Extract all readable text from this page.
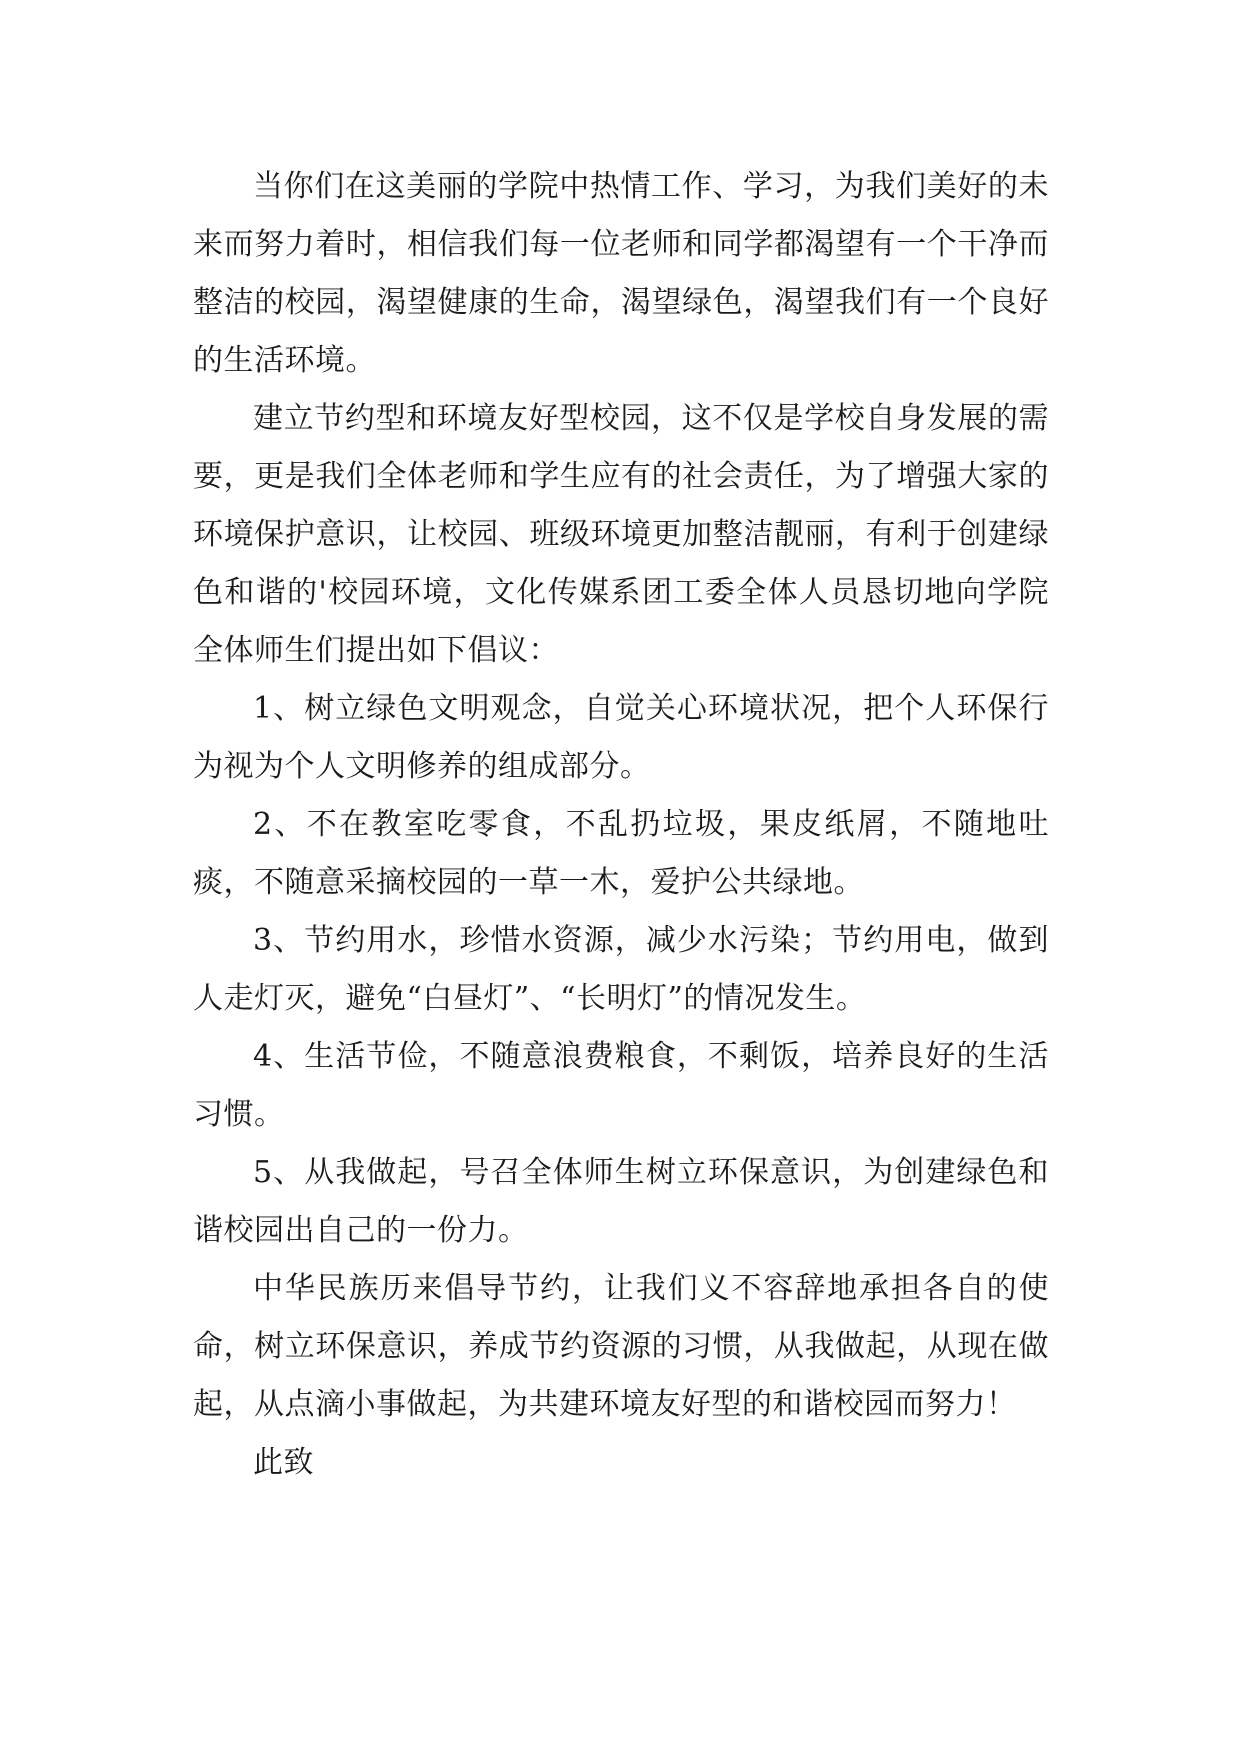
当你们在这美丽的学院中热情工作、学习，为我们美好的未来而努力着时，相信我们每一位老师和同学都渴望有一个干净而整洁的校园，渴望健康的生命，渴望绿色，渴望我们有一个良好的生活环境。

建立节约型和环境友好型校园，这不仅是学校自身发展的需要，更是我们全体老师和学生应有的社会责任，为了增强大家的环境保护意识，让校园、班级环境更加整洁靓丽，有利于创建绿色和谐的'校园环境，文化传媒系团工委全体人员恳切地向学院全体师生们提出如下倡议：

1、树立绿色文明观念，自觉关心环境状况，把个人环保行为视为个人文明修养的组成部分。

2、不在教室吃零食，不乱扔垃圾，果皮纸屑，不随地吐痰，不随意采摘校园的一草一木，爱护公共绿地。

3、节约用水，珍惜水资源，减少水污染；节约用电，做到人走灯灭，避免“白昼灯”、“长明灯”的情况发生。

4、生活节俭，不随意浪费粮食，不剩饭，培养良好的生活习惯。

5、从我做起，号召全体师生树立环保意识，为创建绿色和谐校园出自己的一份力。

中华民族历来倡导节约，让我们义不容辞地承担各自的使命，树立环保意识，养成节约资源的习惯，从我做起，从现在做起，从点滴小事做起，为共建环境友好型的和谐校园而努力！

此致
